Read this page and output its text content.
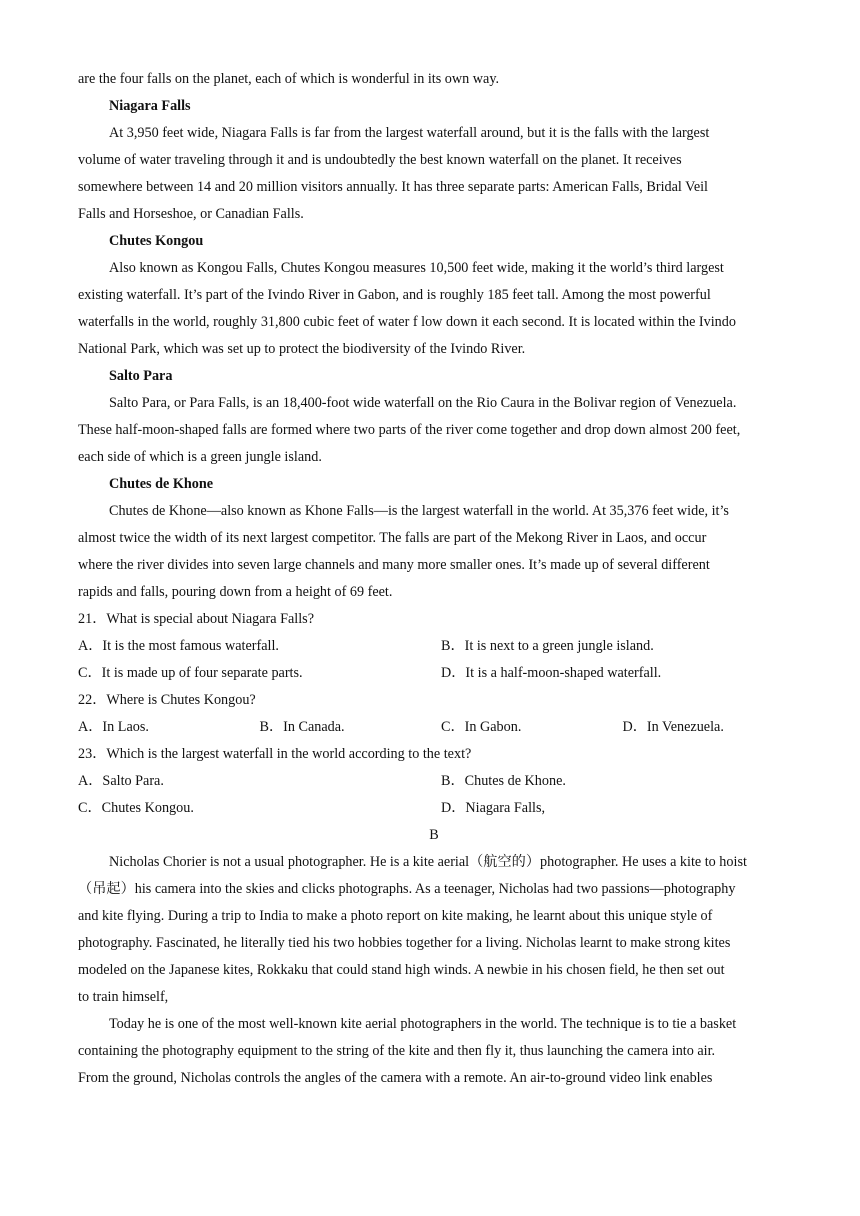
are the four falls on the planet, each of which is wonderful in its own way.
Niagara Falls
At 3,950 feet wide, Niagara Falls is far from the largest waterfall around, but it is the falls with the largest
volume of water traveling through it and is undoubtedly the best known waterfall on the planet. It receives
somewhere between 14 and 20 million visitors annually. It has three separate parts: American Falls, Bridal Veil
Falls and Horseshoe, or Canadian Falls.
Chutes Kongou
Also known as Kongou Falls, Chutes Kongou measures 10,500 feet wide, making it the world’s third largest
existing waterfall. It’s part of the Ivindo River in Gabon, and is roughly 185 feet tall. Among the most powerful
waterfalls in the world, roughly 31,800 cubic feet of water f low down it each second. It is located within the Ivindo
National Park, which was set up to protect the biodiversity of the Ivindo River.
Salto Para
Salto Para, or Para Falls, is an 18,400-foot wide waterfall on the Rio Caura in the Bolivar region of Venezuela.
These half-moon-shaped falls are formed where two parts of the river come together and drop down almost 200 feet,
each side of which is a green jungle island.
Chutes de Khone
Chutes de Khone—also known as Khone Falls—is the largest waterfall in the world. At 35,376 feet wide, it’s
almost twice the width of its next largest competitor. The falls are part of the Mekong River in Laos, and occur
where the river divides into seven large channels and many more smaller ones. It’s made up of several different
rapids and falls, pouring down from a height of 69 feet.
21．What is special about Niagara Falls?
A．It is the most famous waterfall.	B．It is next to a green jungle island.
C．It is made up of four separate parts.	D．It is a half-moon-shaped waterfall.
22．Where is Chutes Kongou?
A．In Laos.	B．In Canada.	C．In Gabon.	D．In Venezuela.
23．Which is the largest waterfall in the world according to the text?
A．Salto Para.	B．Chutes de Khone.
C．Chutes Kongou.	D．Niagara Falls,
B
Nicholas Chorier is not a usual photographer. He is a kite aerial（航空的）photographer. He uses a kite to hoist
（吊起）his camera into the skies and clicks photographs. As a teenager, Nicholas had two passions—photography
and kite flying. During a trip to India to make a photo report on kite making, he learnt about this unique style of
photography. Fascinated, he literally tied his two hobbies together for a living. Nicholas learnt to make strong kites
modeled on the Japanese kites, Rokkaku that could stand high winds. A newbie in his chosen field, he then set out
to train himself,
Today he is one of the most well-known kite aerial photographers in the world. The technique is to tie a basket
containing the photography equipment to the string of the kite and then fly it, thus launching the camera into air.
From the ground, Nicholas controls the angles of the camera with a remote. An air-to-ground video link enables
